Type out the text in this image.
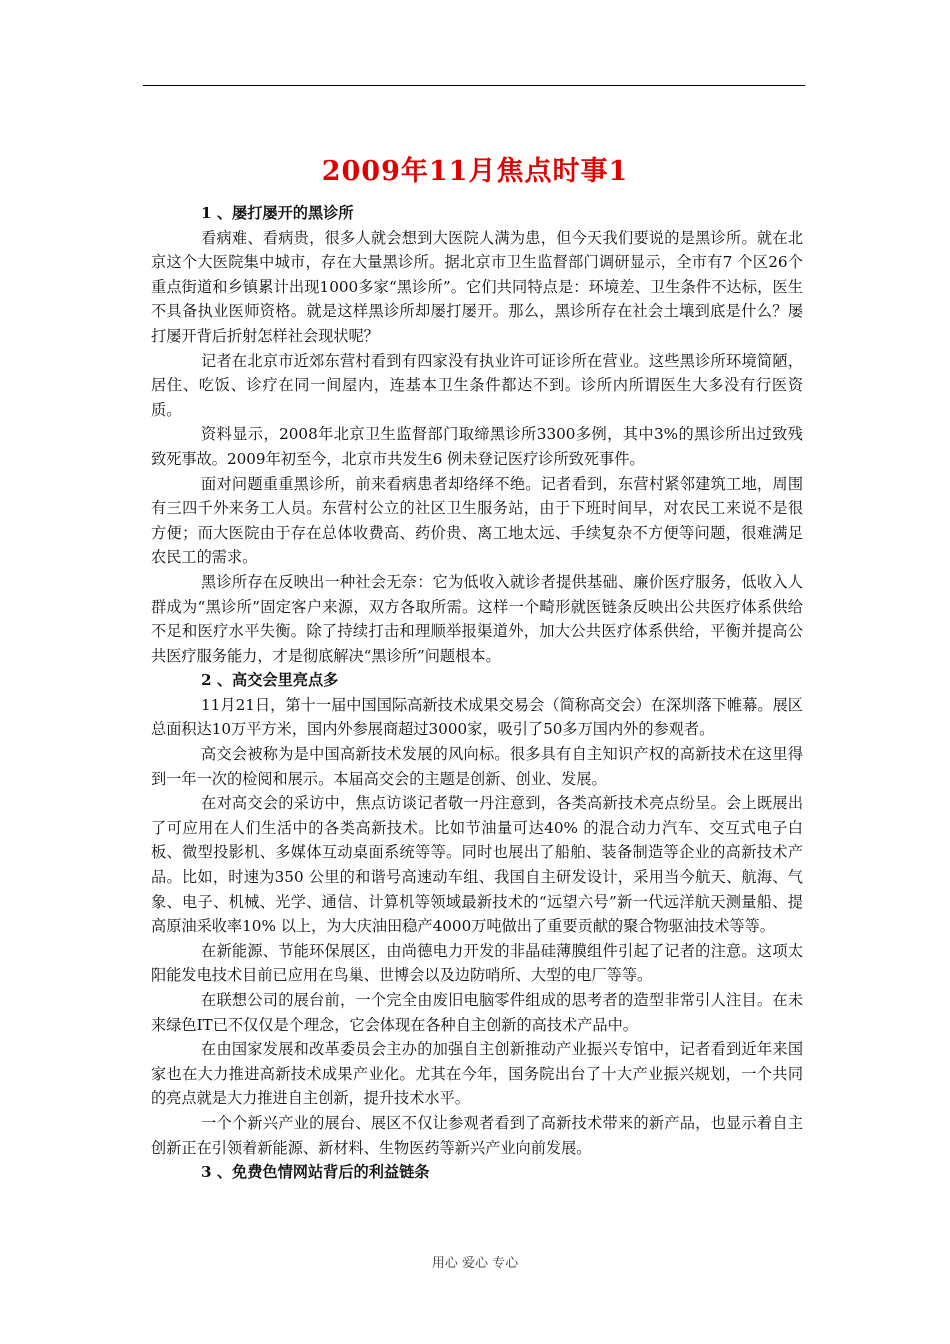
2009年11月焦点时事1

1 、屡打屡开的黑诊所

看病难、看病贵，很多人就会想到大医院人满为患，但今天我们要说的是黑诊所。就在北京这个大医院集中城市，存在大量黑诊所。据北京市卫生监督部门调研显示，全市有7 个区26个重点街道和乡镇累计出现1000多家“黑诊所”。它们共同特点是：环境差、卫生条件不达标，医生不具备执业医师资格。就是这样黑诊所却屡打屡开。那么，黑诊所存在社会土壤到底是什么？屡打屡开背后折射怎样社会现状呢？

记者在北京市近郊东营村看到有四家没有执业许可证诊所在营业。这些黑诊所环境简陋，居住、吃饭、诊疗在同一间屋内，连基本卫生条件都达不到。诊所内所谓医生大多没有行医资质。

资料显示，2008年北京卫生监督部门取缔黑诊所3300多例，其中3%的黑诊所出过致残致死事故。2009年初至今，北京市共发生6 例未登记医疗诊所致死事件。

面对问题重重黑诊所，前来看病患者却络绎不绝。记者看到，东营村紧邻建筑工地，周围有三四千外来务工人员。东营村公立的社区卫生服务站，由于下班时间早，对农民工来说不是很方便；而大医院由于存在总体收费高、药价贵、离工地太远、手续复杂不方便等问题，很难满足农民工的需求。

黑诊所存在反映出一种社会无奈：它为低收入就诊者提供基础、廉价医疗服务，低收入人群成为“黑诊所”固定客户来源，双方各取所需。这样一个畸形就医链条反映出公共医疗体系供给不足和医疗水平失衡。除了持续打击和理顺举报渠道外，加大公共医疗体系供给，平衡并提高公共医疗服务能力，才是彻底解决“黑诊所”问题根本。

2 、高交会里亮点多

11月21日，第十一届中国国际高新技术成果交易会（简称高交会）在深圳落下帷幕。展区总面积达10万平方米，国内外参展商超过3000家，吸引了50多万国内外的参观者。

高交会被称为是中国高新技术发展的风向标。很多具有自主知识产权的高新技术在这里得到一年一次的检阅和展示。本届高交会的主题是创新、创业、发展。

在对高交会的采访中，焦点访谈记者敬一丹注意到，各类高新技术亮点纷呈。会上既展出了可应用在人们生活中的各类高新技术。比如节油量可达40% 的混合动力汽车、交互式电子白板、微型投影机、多媒体互动桌面系统等等。同时也展出了船舶、装备制造等企业的高新技术产品。比如，时速为350 公里的和谐号高速动车组、我国自主研发设计，采用当今航天、航海、气象、电子、机械、光学、通信、计算机等领域最新技术的“远望六号”新一代远洋航天测量船、提高原油采收率10% 以上，为大庆油田稳产4000万吨做出了重要贡献的聚合物驱油技术等等。

在新能源、节能环保展区，由尚德电力开发的非晶硅薄膜组件引起了记者的注意。这项太阳能发电技术目前已应用在鸟巢、世博会以及边防哨所、大型的电厂等等。

在联想公司的展台前，一个完全由废旧电脑零件组成的思考者的造型非常引人注目。在未来绿色IT已不仅仅是个理念，它会体现在各种自主创新的高技术产品中。

在由国家发展和改革委员会主办的加强自主创新推动产业振兴专馆中，记者看到近年来国家也在大力推进高新技术成果产业化。尤其在今年，国务院出台了十大产业振兴规划，一个共同的亮点就是大力推进自主创新，提升技术水平。

一个个新兴产业的展台、展区不仅让参观者看到了高新技术带来的新产品，也显示着自主创新正在引领着新能源、新材料、生物医药等新兴产业向前发展。

3 、免费色情网站背后的利益链条

用心 爱心 专心
